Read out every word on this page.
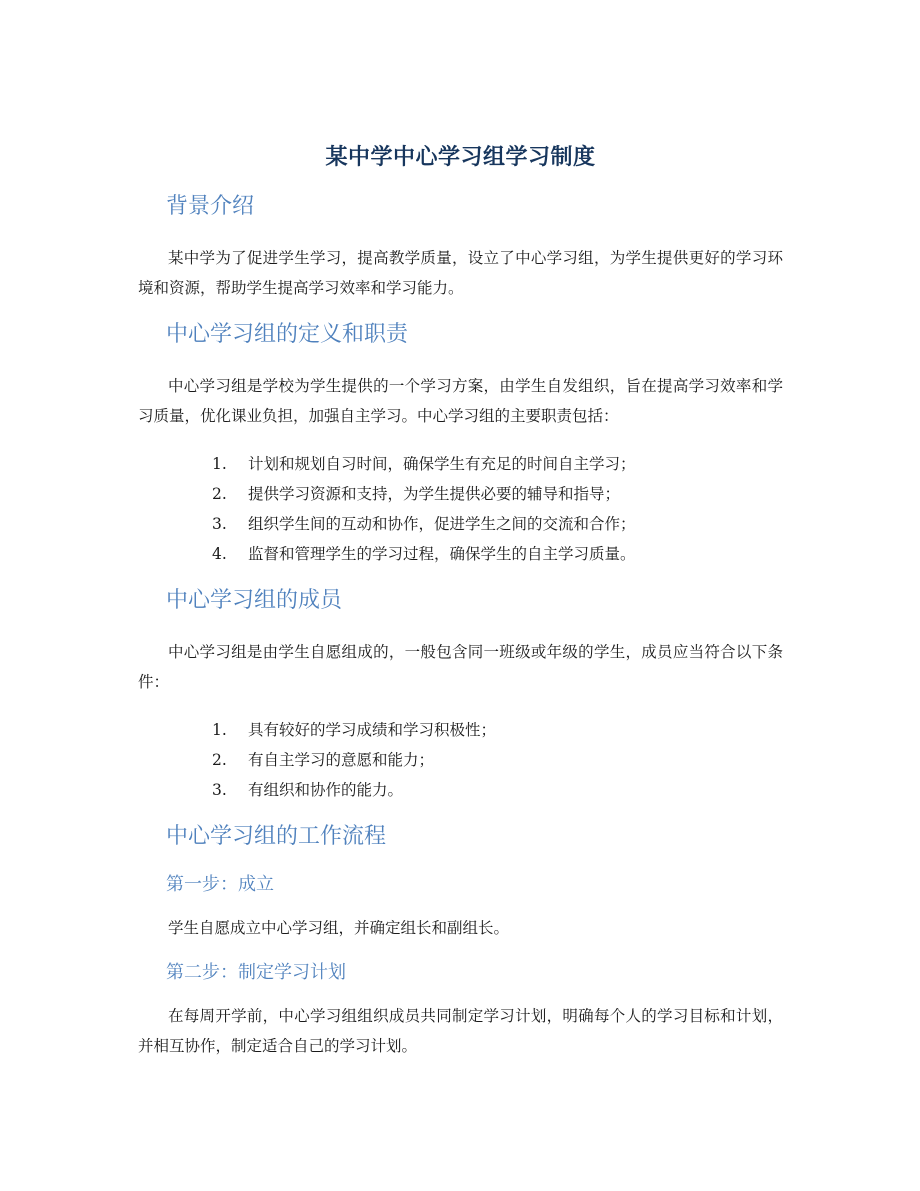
某中学中心学习组学习制度
背景介绍

某中学为了促进学生学习，提高教学质量，设立了中心学习组，为学生提供更好的学习环境和资源，帮助学生提高学习效率和学习能力。

中心学习组的定义和职责

中心学习组是学校为学生提供的一个学习方案，由学生自发组织，旨在提高学习效率和学习质量，优化课业负担，加强自主学习。中心学习组的主要职责包括：

1.	计划和规划自习时间，确保学生有充足的时间自主学习；
2.	提供学习资源和支持，为学生提供必要的辅导和指导；
3.	组织学生间的互动和协作，促进学生之间的交流和合作；
4.	监督和管理学生的学习过程，确保学生的自主学习质量。
中心学习组的成员

中心学习组是由学生自愿组成的，一般包含同一班级或年级的学生，成员应当符合以下条件：

1.	具有较好的学习成绩和学习积极性；
2.	有自主学习的意愿和能力；
3.	有组织和协作的能力。
中心学习组的工作流程
第一步：成立

学生自愿成立中心学习组，并确定组长和副组长。

第二步：制定学习计划

在每周开学前，中心学习组组织成员共同制定学习计划，明确每个人的学习目标和计划，并相互协作，制定适合自己的学习计划。
